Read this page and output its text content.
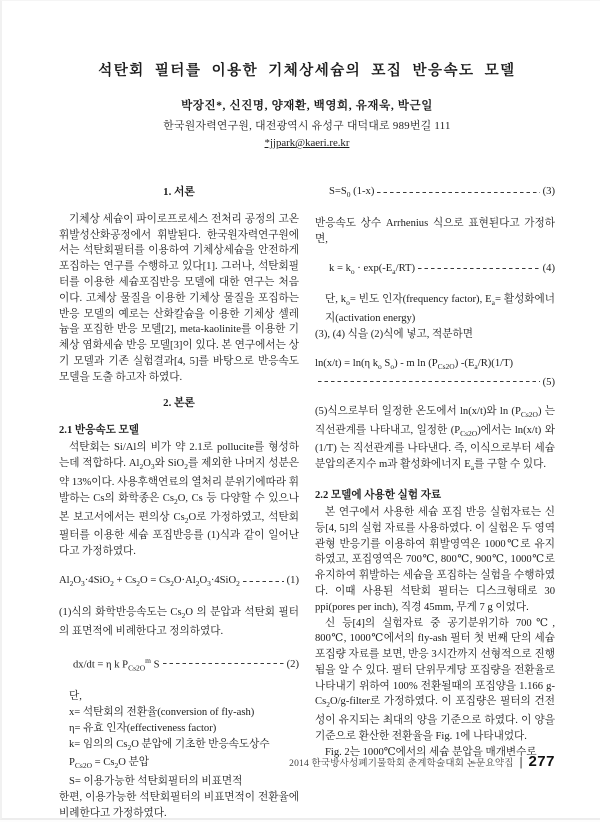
석탄회 필터를 이용한 기체상세슘의 포집 반응속도 모델
박장진*, 신진명, 양재환, 백영희, 유재욱, 박근일
한국원자력연구원, 대전광역시 유성구 대덕대로 989번길 111
*jjpark@kaeri.re.kr
1. 서론

기체상 세슘이 파이로프로세스 전처리 공정의 고온 휘발성산화공정에서 휘발된다. 한국원자력연구원에서는 석탄회필터를 이용하여 기체상세슘을 안전하게 포집하는 연구를 수행하고 있다[1]. 그러나, 석탄회필터를 이용한 세슘포집반응 모델에 대한 연구는 처음이다. 고체상 물질을 이용한 기체상 물질을 포집하는 반응 모델의 예로는 산화칼슘을 이용한 기체상 셀레늄을 포집한 반응 모델[2], meta-kaolinite를 이용한 기체상 염화세슘 반응 모델[3]이 있다. 본 연구에서는 상기 모델과 기존 실험결과[4, 5]를 바탕으로 반응속도 모델을 도출 하고자 하였다.

2. 본론
2.1 반응속도 모델

석탄회는 Si/Al의 비가 약 2.1로 pollucite를 형성하는데 적합하다. $Al_2O_3$와 SiO$_2$를 제외한 나머지 성분은 약 13%이다. 사용후핵연료의 열처리 분위기에따라 휘발하는 Cs의 화학종은 $Cs_2O$, Cs 등 다양할 수 있으나 본 보고서에서는 편의상 $Cs_2O$로 가정하였고, 석탄회 필터를 이용한 세슘 포집반응를 (1)식과 같이 일어난다고 가정하였다.

$Al_2O_3\cdot 4SiO_2 + Cs_2O = Cs_2O\cdot Al_2O_3\cdot 4SiO_2$	(1)

(1)식의 화학반응속도는 $Cs_2O$ 의 분압과 석탄회 필터의 표면적에 비례한다고 정의하였다.

dx/dt = η k $P_{Cs2O}^m$ S	(2)
단,
x= 석탄회의 전환율(conversion of fly-ash)
η= 유효 인자(effectiveness factor)
k= 임의의 $Cs_2O$ 분압에 기초한 반응속도상수
$P_{Cs2O} = Cs_2O$ 분압
S= 이용가능한 석탄회필터의 비표면적

한편, 이용가능한 석탄회필터의 비표면적이 전환율에 비례한다고 가정하였다.

$S=S_0$ (1-x)	(3)

반응속도 상수 Arrhenius 식으로 표현된다고 가정하면,

$k = k_o \cdot \exp(-E_a/RT)$	(4)

단, $k_o=$ 빈도 인자(frequency factor), $E_a=$ 활성화에너지(activation energy)

(3), (4) 식을 (2)식에 넣고, 적분하면

ln(x/t) = ln(η $k_o$ $S_o$) - m $\ln (P_{Cs2O})$ $-(E_a/R)(1/T)$
(5)

(5)식으로부터 일정한 온도에서 ln(x/t)와 $\ln (P_{Cs2O})$ 는 직선관계를 나타내고, 일정한 $(P_{Cs2O})$에서는 ln(x/t) 와 (1/T) 는 직선관계를 나타낸다. 즉, 이식으로부터 세슘분압의존지수 m과 활성화에너지 $E_a$를 구할 수 있다.

2.2 모델에 사용한 실험 자료

본 연구에서 사용한 세슘 포집 반응 실험자료는 신 등[4, 5]의 실험 자료를 사용하였다. 이 실험은 두 영역 관형 반응기를 이용하여 휘발영역은 1000℃로 유지하였고, 포집영역은 700℃, 800℃, 900℃, 1000℃로 유지하여 휘발하는 세슘을 포집하는 실험을 수행하였다. 이때 사용된 석탄회 필터는 디스크형태로 30 ppi(pores per inch), 직경 45mm, 무게 7 g 이었다.

신 등[4]의 실험자료 중 공기분위기하 700℃, 800℃, 1000℃에서의 fly-ash 필터 첫 번째 단의 세슘 포집량 자료를 보면, 반응 3시간까지 선형적으로 진행됨을 알 수 있다. 필터 단위무게당 포집량을 전환율로 나타내기 위하여 100% 전환될때의 포집양을 1.166 $g-Cs_2O/g$-filter로 가정하였다. 이 포집량은 필터의 건전성이 유지되는 최대의 양을 기준으로 하였다. 이 양을 기준으로 환산한 전환율을 Fig. 1에 나타내었다.

Fig. 2는 1000℃에서의 세슘 분압을 매개변수로

2014 한국방사성폐기물학회 춘계학술대회 논문요약집 | 277
